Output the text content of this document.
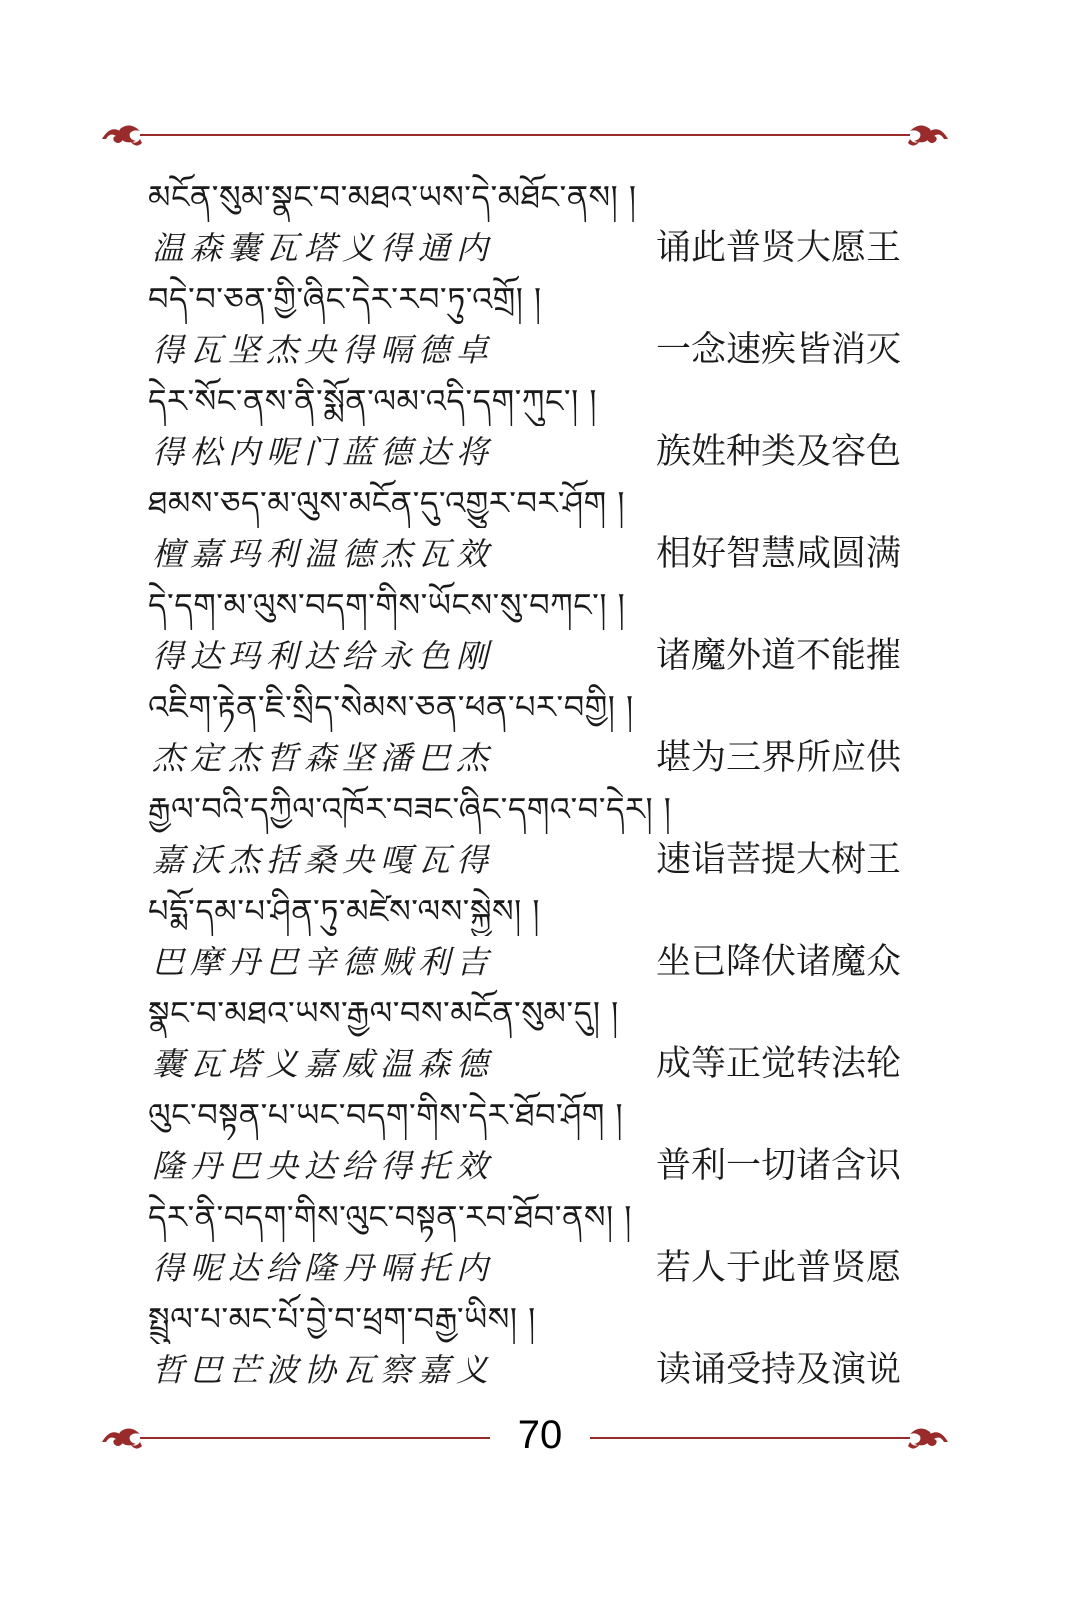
མངོན་སུམ་སྣང་བ་མཐའ་ཡས་དེ་མཐོང་ནས། །
温森囊瓦塔义得通内	诵此普贤大愿王
བདེ་བ་ཅན་གྱི་ཞིང་དེར་རབ་ཏུ་འགྲོ། །
得瓦坚杰央得嗝德卓	一念速疾皆消灭
དེར་སོང་ནས་ནི་སྨོན་ལམ་འདི་དག་ཀུང་། །
得松内呢门蓝德达将	族姓种类及容色
ཐམས་ཅད་མ་ལུས་མངོན་དུ་འགྱུར་བར་ཤོག །
檀嘉玛利温德杰瓦效	相好智慧咸圆满
དེ་དག་མ་ལུས་བདག་གིས་ཡོངས་སུ་བཀང་། །
得达玛利达给永色刚	诸魔外道不能摧
འཇིག་རྟེན་ཇི་སྲིད་སེམས་ཅན་ཕན་པར་བགྱི། །
杰定杰哲森坚潘巴杰	堪为三界所应供
རྒྱལ་བའི་དཀྱིལ་འཁོར་བཟང་ཞིང་དགའ་བ་དེར། །
嘉沃杰括桑央嘎瓦得	速诣菩提大树王
པདྨོ་དམ་པ་ཤིན་ཏུ་མཛེས་ལས་སྐྱེས། །
巴摩丹巴辛德贼利吉	坐已降伏诸魔众
སྣང་བ་མཐའ་ཡས་རྒྱལ་བས་མངོན་སུམ་དུ། །
囊瓦塔义嘉威温森德	成等正觉转法轮
ལུང་བསྟན་པ་ཡང་བདག་གིས་དེར་ཐོབ་ཤོག །
隆丹巴央达给得托效	普利一切诸含识
དེར་ནི་བདག་གིས་ལུང་བསྟན་རབ་ཐོབ་ནས། །
得呢达给隆丹嗝托内	若人于此普贤愿
སྤྲུལ་པ་མང་པོ་བྱེ་བ་ཕྲག་བརྒྱ་ཡིས། །
哲巴芒波协瓦察嘉义	读诵受持及演说
70
